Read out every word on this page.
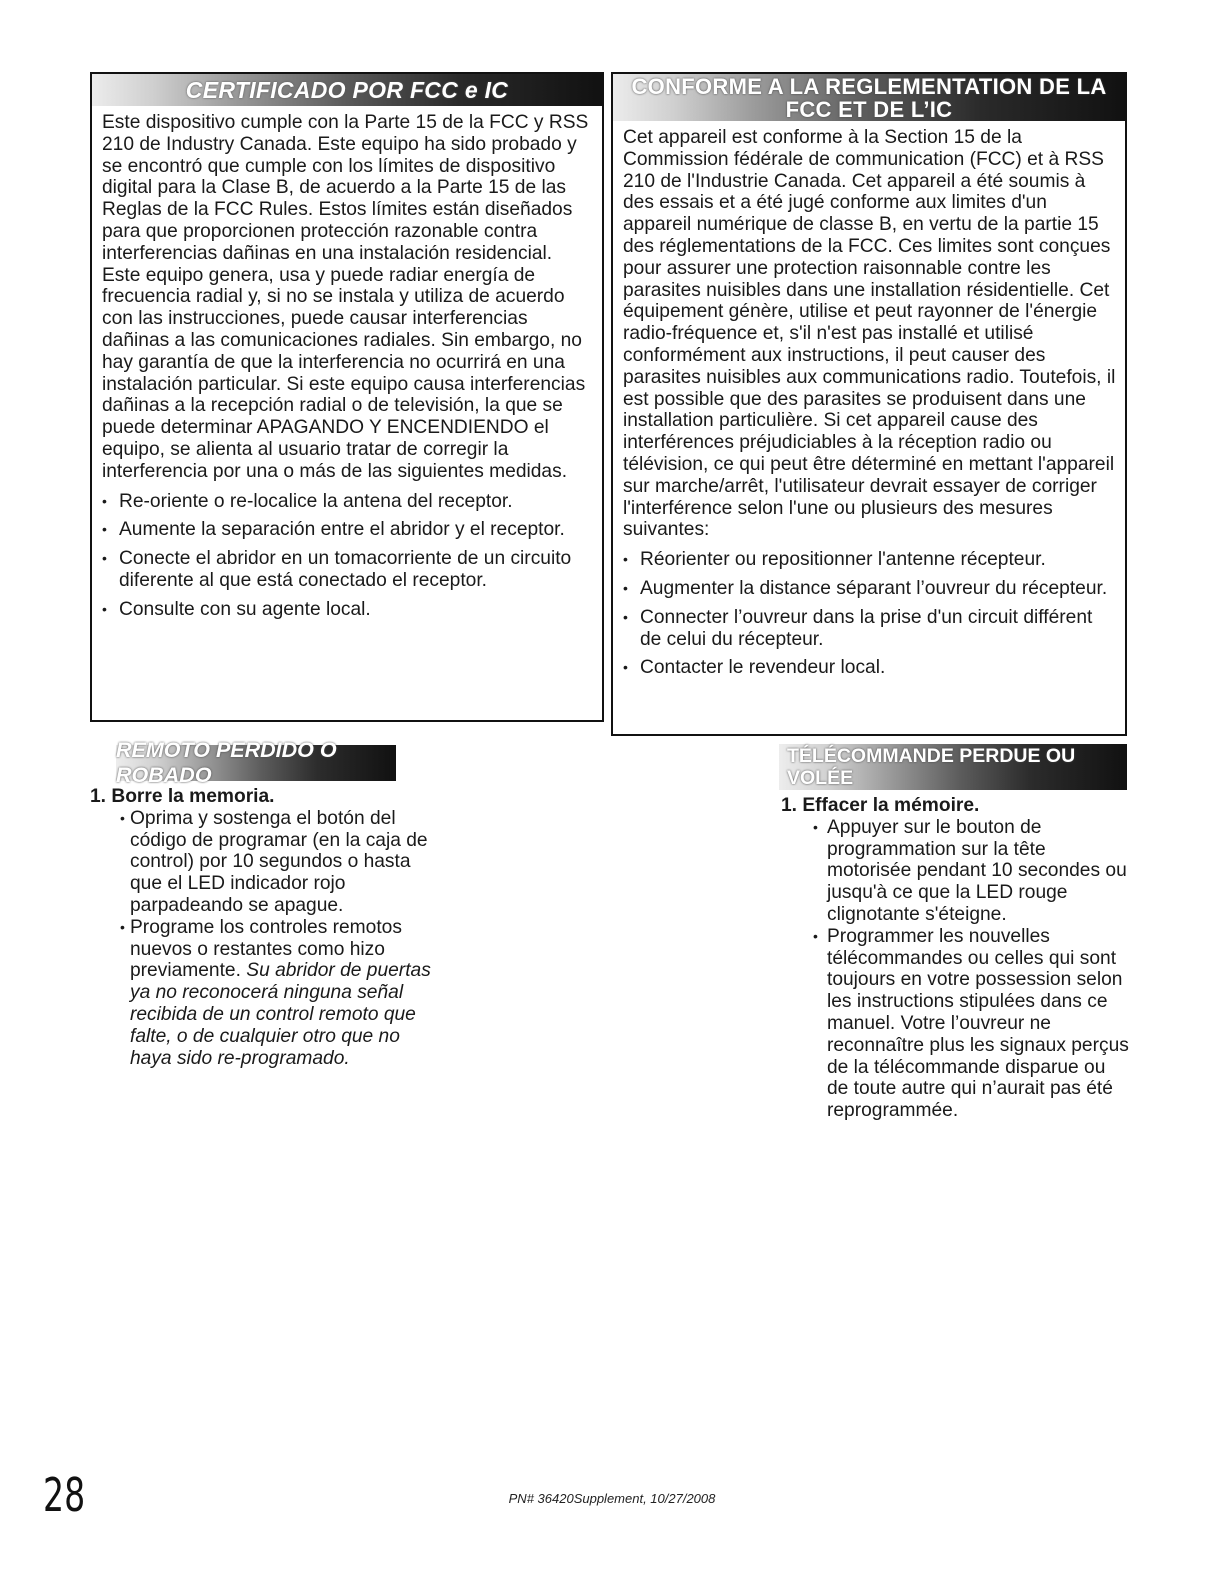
CERTIFICADO POR FCC e IC

Este dispositivo cumple con la Parte 15 de la FCC y RSS 210 de Industry Canada. Este equipo ha sido probado y se encontró que cumple con los límites de dispositivo digital para la Clase B, de acuerdo a la Parte 15 de las Reglas de la FCC Rules. Estos límites están diseñados para que proporcionen protección razonable contra interferencias dañinas en una instalación residencial. Este equipo genera, usa y puede radiar energía de frecuencia radial y, si no se instala y utiliza de acuerdo con las instrucciones, puede causar interferencias dañinas a las comunicaciones radiales. Sin embargo, no hay garantía de que la interferencia no ocurrirá en una instalación particular. Si este equipo causa interferencias dañinas a la recepción radial o de televisión, la que se puede determinar APAGANDO Y ENCENDIENDO el equipo, se alienta al usuario tratar de corregir la interferencia por una o más de las siguientes medidas.

• Re-oriente o re-localice la antena del receptor.
• Aumente la separación entre el abridor y el receptor.
• Conecte el abridor en un tomacorriente de un circuito diferente al que está conectado el receptor.
• Consulte con su agente local.
CONFORME A LA REGLEMENTATION DE LA FCC ET DE L’IC

Cet appareil est conforme à la Section 15 de la Commission fédérale de communication (FCC) et à RSS 210 de l'Industrie Canada. Cet appareil a été soumis à des essais et a été jugé conforme aux limites d'un appareil numérique de classe B, en vertu de la partie 15 des réglementations de la FCC. Ces limites sont conçues pour assurer une protection raisonnable contre les parasites nuisibles dans une installation résidentielle. Cet équipement génère, utilise et peut rayonner de l'énergie radio-fréquence et, s'il n'est pas installé et utilisé conformément aux instructions, il peut causer des parasites nuisibles aux communications radio. Toutefois, il est possible que des parasites se produisent dans une installation particulière. Si cet appareil cause des interférences préjudiciables à la réception radio ou télévision, ce qui peut être déterminé en mettant l'appareil sur marche/arrêt, l'utilisateur devrait essayer de corriger l'interférence selon l'une ou plusieurs des mesures suivantes:

• Réorienter ou repositionner l'antenne récepteur.
• Augmenter la distance séparant l’ouvreur du récepteur.
• Connecter l’ouvreur dans la prise d'un circuit différent de celui du récepteur.
• Contacter le revendeur local.
REMOTO PERDIDO O ROBADO
1. Borre la memoria.
• Oprima y sostenga el botón del código de programar (en la caja de control) por 10 segundos o hasta que el LED indicador rojo parpadeando se apague.
• Programe los controles remotos nuevos o restantes como hizo previamente. Su abridor de puertas ya no reconocerá ninguna señal recibida de un control remoto que falte, o de cualquier otro que no haya sido re-programado.
TÉLÉCOMMANDE PERDUE OU VOLÉE
1. Effacer la mémoire.
• Appuyer sur le bouton de programmation sur la tête motorisée pendant 10 secondes ou jusqu'à ce que la LED rouge clignotante s'éteigne.
• Programmer les nouvelles télécommandes ou celles qui sont toujours en votre possession selon les instructions stipulées dans ce manuel. Votre l’ouvreur ne reconnaître plus les signaux perçus de la télécommande disparue ou de toute autre qui n’aurait pas été reprogrammée.
28	PN# 36420Supplement, 10/27/2008
